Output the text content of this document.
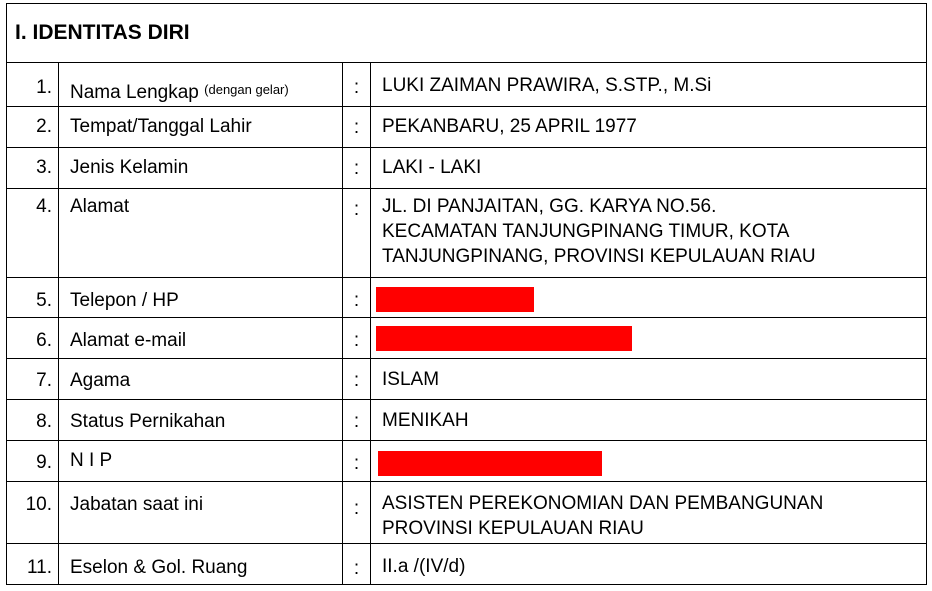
I. IDENTITAS DIRI			
1.	Nama Lengkap $^{(dengan gelar)}$	:	LUKI ZAIMAN PRAWIRA, S.STP., M.Si
2.	Tempat/Tanggal Lahir	:	PEKANBARU, 25 APRIL 1977
3.	Jenis Kelamin	:	LAKI - LAKI
4.	Alamat	:	JL. DI PANJAITAN, GG. KARYA NO.56.
KECAMATAN TANJUNGPINANG TIMUR, KOTA
TANJUNGPINANG, PROVINSI KEPULAUAN RIAU
5.	Telepon / HP	:	
6.	Alamat e-mail	:	
7.	Agama	:	ISLAM
8.	Status Pernikahan	:	MENIKAH
9.	N I P	:	
10.	Jabatan saat ini	:	ASISTEN PEREKONOMIAN DAN PEMBANGUNAN
PROVINSI KEPULAUAN RIAU
11.	Eselon & Gol. Ruang	:	II.a /(IV/d)
